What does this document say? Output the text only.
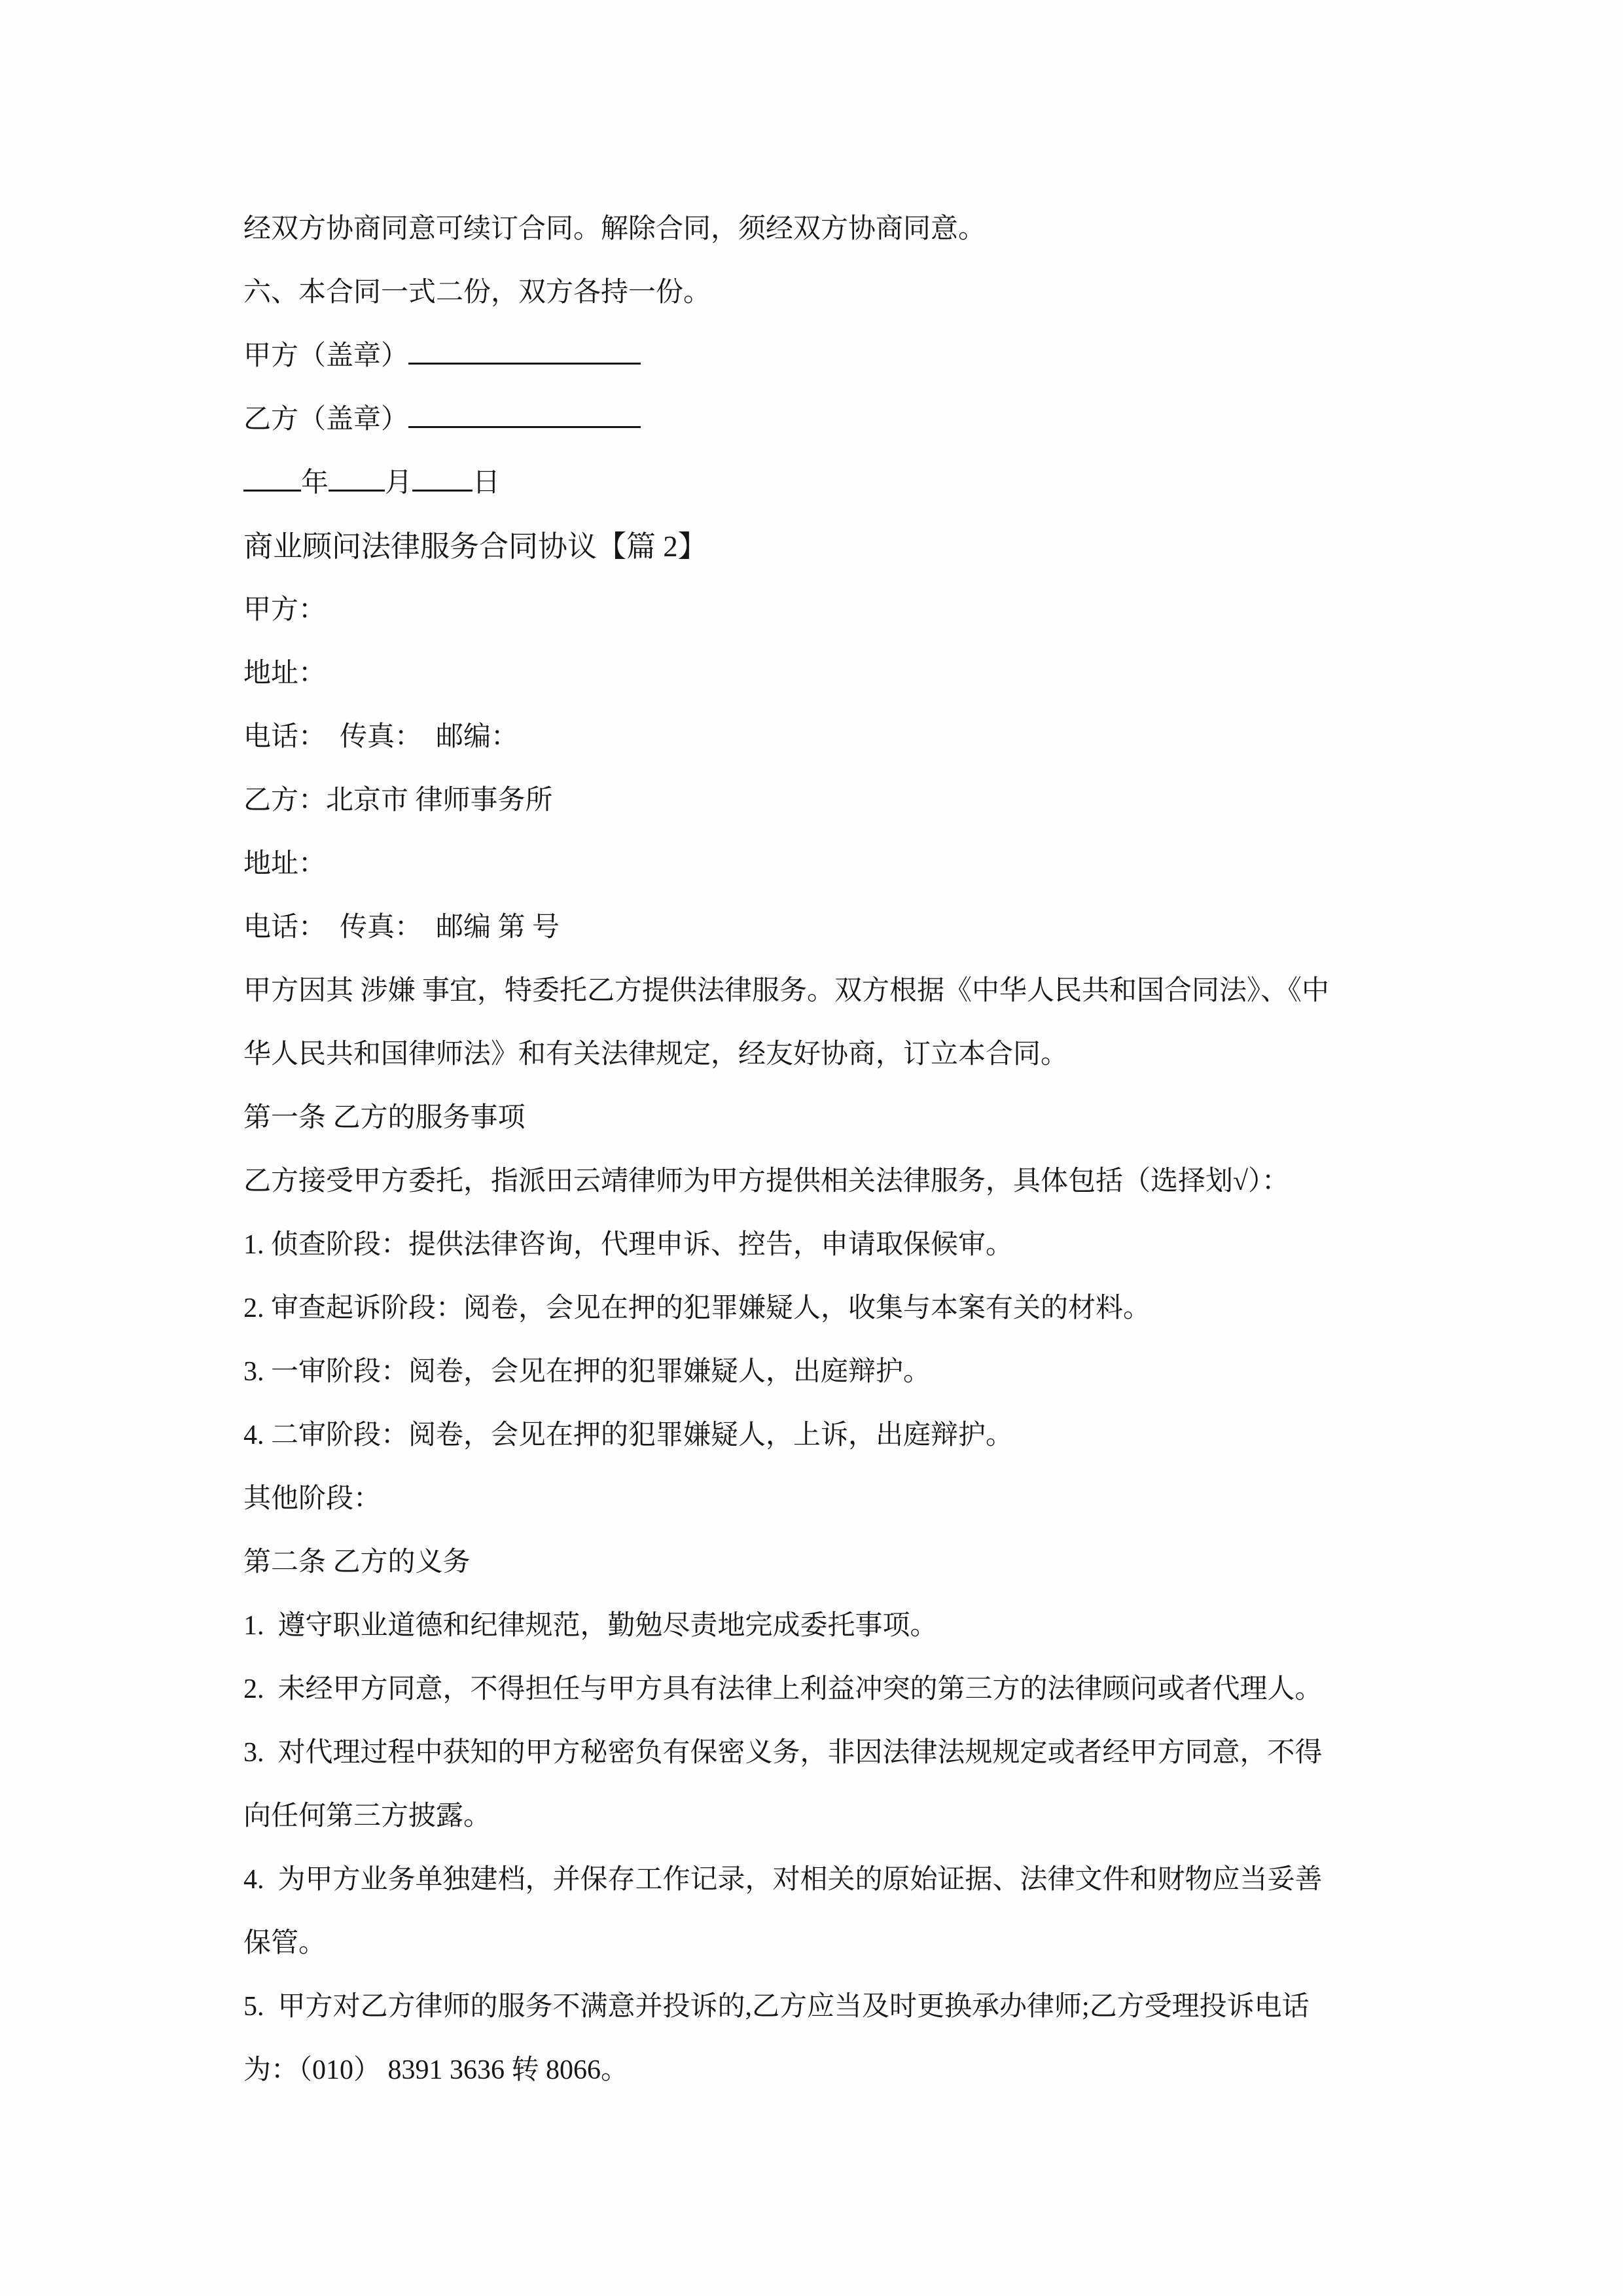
经双方协商同意可续订合同。解除合同，须经双方协商同意。
六、本合同一式二份，双方各持一份。
甲方（盖章）
乙方（盖章）
年 月 日
商业顾问法律服务合同协议【篇 2】
甲方：
地址：
电话：  传真：  邮编：
乙方：北京市 律师事务所
地址：
电话：  传真：  邮编 第 号
甲方因其 涉嫌 事宜，特委托乙方提供法律服务。双方根据《中华人民共和国合同法》、《中
华人民共和国律师法》和有关法律规定，经友好协商，订立本合同。
第一条 乙方的服务事项
乙方接受甲方委托，指派田云靖律师为甲方提供相关法律服务，具体包括（选择划√）：
1. 侦查阶段：提供法律咨询，代理申诉、控告，申请取保候审。
2. 审查起诉阶段：阅卷，会见在押的犯罪嫌疑人，收集与本案有关的材料。
3. 一审阶段：阅卷，会见在押的犯罪嫌疑人，出庭辩护。
4. 二审阶段：阅卷，会见在押的犯罪嫌疑人，上诉，出庭辩护。
其他阶段：
第二条 乙方的义务
1.  遵守职业道德和纪律规范，勤勉尽责地完成委托事项。
2.  未经甲方同意，不得担任与甲方具有法律上利益冲突的第三方的法律顾问或者代理人。
3.  对代理过程中获知的甲方秘密负有保密义务，非因法律法规规定或者经甲方同意，不得
向任何第三方披露。
4.  为甲方业务单独建档，并保存工作记录，对相关的原始证据、法律文件和财物应当妥善
保管。
5.  甲方对乙方律师的服务不满意并投诉的,乙方应当及时更换承办律师;乙方受理投诉电话
为：（010） 8391 3636 转 8066。
